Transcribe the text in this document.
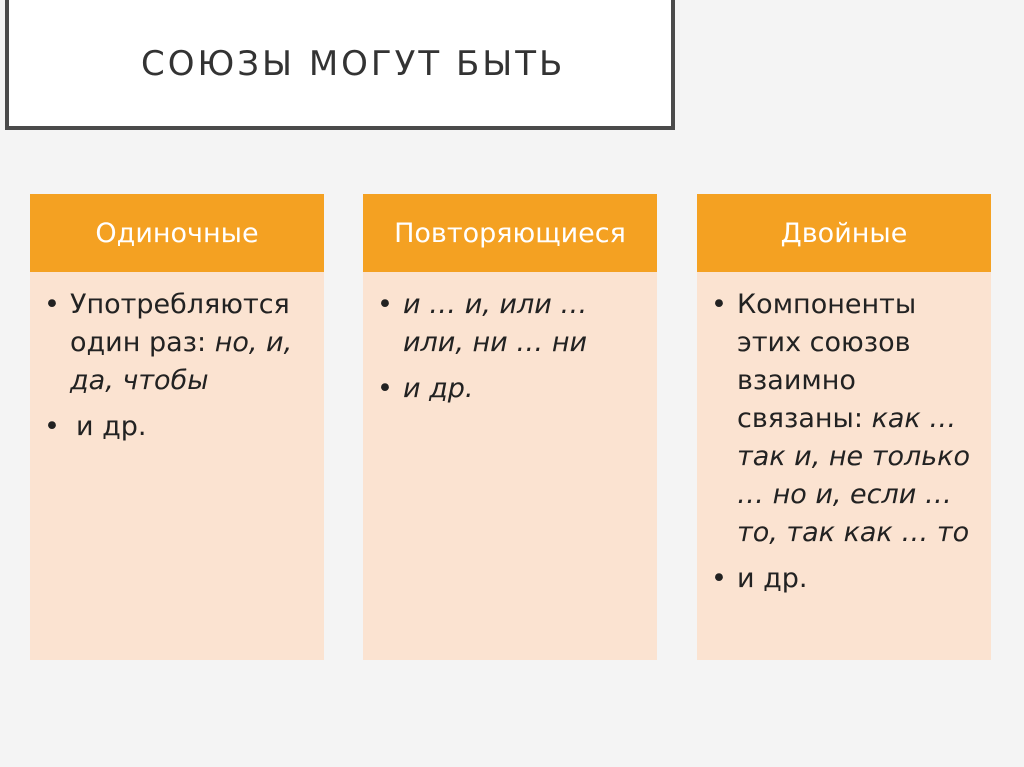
СОЮЗЫ МОГУТ БЫТЬ
Одиночные
• Употребляются один раз: но, и, да, чтобы
• и др.
Повторяющиеся
• и … и, или … или, ни … ни
• и др.
Двойные
• Компоненты этих союзов взаимно связаны: как … так и, не только … но и, если … то, так как … то
• и др.
